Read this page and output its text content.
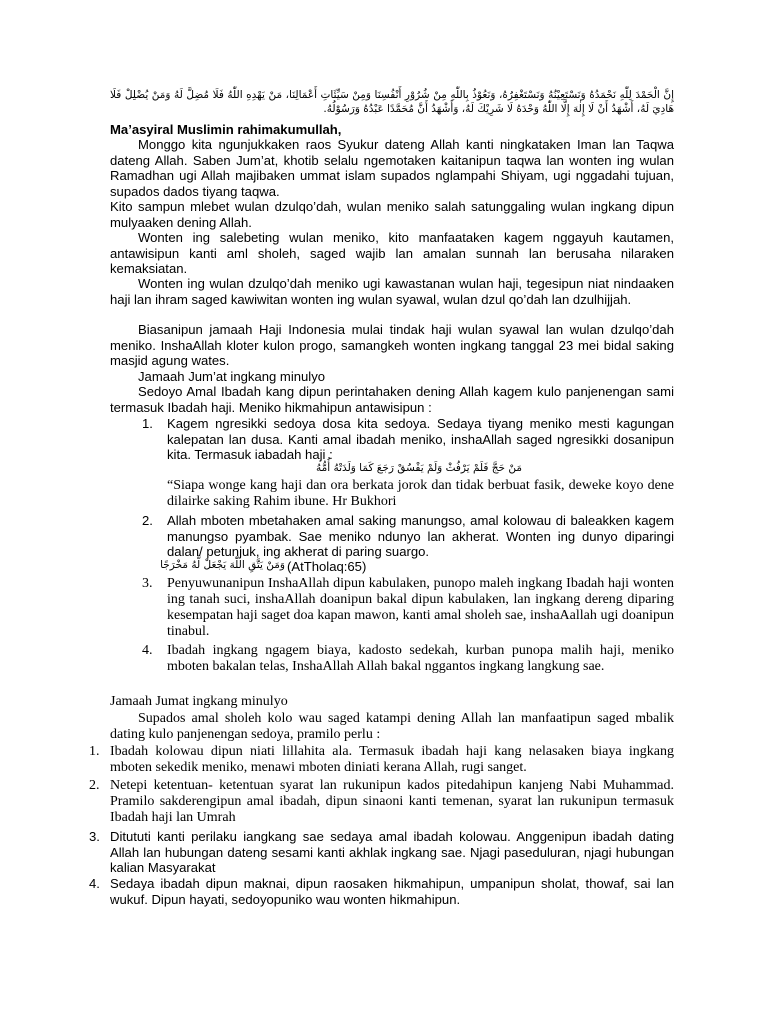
إِنَّ الْحَمْدَ لِلّٰهِ نَحْمَدُهُ وَنَسْتَعِيْنُهُ وَنَسْتَغْفِرُهُ، وَنَعُوْذُ بِاللّٰهِ مِنْ شُرُوْرِ أَنْفُسِنَا وَمِنْ سَيِّئَاتِ أَعْمَالِنَا، مَنْ يَهْدِهِ اللّٰهُ فَلَا مُضِلَّ لَهُ وَمَنْ يُضْلِلْ فَلَا هَادِيَ لَهُ، أَشْهَدُ أَنْ لَا إِلٰهَ إِلَّا اللّٰهُ وَحْدَهُ لَا شَرِيْكَ لَهُ، وَأَشْهَدُ أَنَّ مُحَمَّدًا عَبْدُهُ وَرَسُوْلُهُ.
Ma’asyiral Muslimin rahimakumullah,
Monggo kita ngunjukkaken raos Syukur dateng Allah kanti ningkataken Iman lan Taqwa dateng Allah. Saben Jum’at, khotib selalu ngemotaken kaitanipun taqwa lan wonten ing wulan Ramadhan ugi Allah majibaken ummat islam supados nglampahi Shiyam, ugi nggadahi tujuan, supados dados tiyang taqwa.
Kito sampun mlebet wulan dzulqo’dah, wulan meniko salah satunggaling wulan ingkang dipun mulyaaken dening Allah.
Wonten ing salebeting wulan meniko, kito manfaataken kagem nggayuh kautamen, antawisipun kanti aml sholeh, saged wajib lan amalan sunnah lan berusaha nilaraken kemaksiatan.
Wonten ing wulan dzulqo’dah meniko ugi kawastanan wulan haji, tegesipun niat nindaaken haji lan ihram saged kawiwitan wonten ing wulan syawal, wulan dzul qo’dah lan dzulhijjah.
Biasanipun jamaah Haji Indonesia mulai tindak haji wulan syawal lan wulan dzulqo’dah meniko. InshaAllah kloter kulon progo, samangkeh wonten ingkang tanggal 23 mei bidal saking masjid agung wates.
Jamaah Jum’at ingkang minulyo
Sedoyo Amal Ibadah kang dipun perintahaken dening Allah kagem kulo panjenengan sami termasuk Ibadah haji. Meniko hikmahipun antawisipun :
1.	Kagem ngresikki sedoya dosa kita sedoya. Sedaya tiyang meniko mesti kagungan kalepatan lan dusa. Kanti amal ibadah meniko, inshaAllah saged ngresikki dosanipun kita. Termasuk iabadah haji :
مَنْ حَجَّ فَلَمْ يَرْفُثْ وَلَمْ يَفْسُقْ رَجَعَ كَمَا وَلَدَتْهُ أُمُّهُ
“Siapa wonge kang haji dan ora berkata jorok dan tidak berbuat fasik, deweke koyo dene dilairke saking Rahim ibune. Hr Bukhori
2.	Allah mboten mbetahaken amal saking manungso, amal kolowau di baleakken kagem manungso pyambak. Sae meniko ndunyo lan akherat. Wonten ing dunyo diparingi dalan/ petunjuk, ing akherat di paring suargo.
وَمَنْ يَتَّقِ اللّٰهَ يَجْعَلْ لَّهُ مَخْرَجًا (AtTholaq:65)
3.	Penyuwunanipun InshaAllah dipun kabulaken, punopo maleh ingkang Ibadah haji wonten ing tanah suci, inshaAllah doanipun bakal dipun kabulaken, lan ingkang dereng diparing kesempatan haji saget doa kapan mawon, kanti amal sholeh sae, inshaAallah ugi doanipun tinabul.
4.	Ibadah ingkang ngagem biaya, kadosto sedekah, kurban punopa malih haji, meniko mboten bakalan telas, InshaAllah Allah bakal nggantos ingkang langkung sae.
Jamaah Jumat ingkang minulyo
Supados amal sholeh kolo wau saged katampi dening Allah lan manfaatipun saged mbalik dating kulo panjenengan sedoya, pramilo perlu :
1. Ibadah kolowau dipun niati lillahita ala. Termasuk ibadah haji kang nelasaken biaya ingkang mboten sekedik meniko, menawi mboten diniati kerana Allah, rugi sanget.
2. Netepi ketentuan- ketentuan syarat lan rukunipun kados pitedahipun kanjeng Nabi Muhammad. Pramilo sakderengipun amal ibadah, dipun sinaoni kanti temenan, syarat lan rukunipun termasuk Ibadah haji lan Umrah
3. Ditututi kanti perilaku iangkang sae sedaya amal ibadah kolowau. Anggenipun ibadah dating Allah lan hubungan dateng sesami kanti akhlak ingkang sae. Njagi paseduluran, njagi hubungan kalian Masyarakat
4. Sedaya ibadah dipun maknai, dipun raosaken hikmahipun, umpanipun sholat, thowaf, sai lan wukuf. Dipun hayati, sedoyopuniko wau wonten hikmahipun.
